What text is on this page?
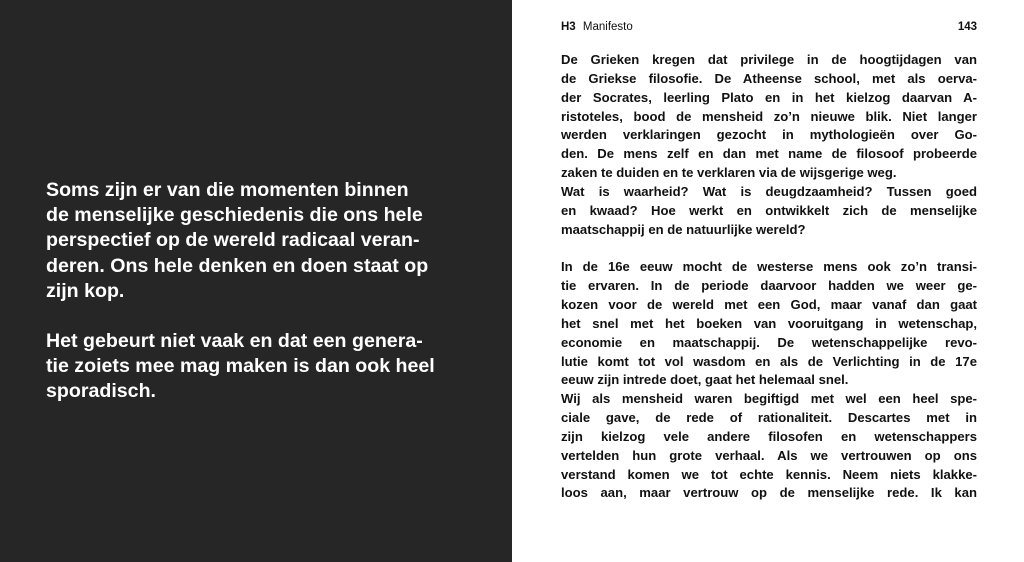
Soms zijn er van die momenten binnen
de menselijke geschiedenis die ons hele
perspectief op de wereld radicaal veran-
deren. Ons hele denken en doen staat op
zijn kop.

Het gebeurt niet vaak en dat een genera-
tie zoiets mee mag maken is dan ook heel
sporadisch.

H3 Manifesto	143
De Grieken kregen dat privilege in de hoogtijdagen van
de Griekse filosofie. De Atheense school, met als oerva-
der Socrates, leerling Plato en in het kielzog daarvan A-
ristoteles, bood de mensheid zo’n nieuwe blik. Niet langer
werden verklaringen gezocht in mythologieën over Go-
den. De mens zelf en dan met name de filosoof probeerde
zaken te duiden en te verklaren via de wijsgerige weg.
Wat is waarheid? Wat is deugdzaamheid? Tussen goed
en kwaad? Hoe werkt en ontwikkelt zich de menselijke
maatschappij en de natuurlijke wereld?
In de 16e eeuw mocht de westerse mens ook zo’n transi-
tie ervaren. In de periode daarvoor hadden we weer ge-
kozen voor de wereld met een God, maar vanaf dan gaat
het snel met het boeken van vooruitgang in wetenschap,
economie en maatschappij. De wetenschappelijke revo-
lutie komt tot vol wasdom en als de Verlichting in de 17e
eeuw zijn intrede doet, gaat het helemaal snel.
Wij als mensheid waren begiftigd met wel een heel spe-
ciale gave, de rede of rationaliteit. Descartes met in
zijn kielzog vele andere filosofen en wetenschappers
vertelden hun grote verhaal. Als we vertrouwen op ons
verstand komen we tot echte kennis. Neem niets klakke-
loos aan, maar vertrouw op de menselijke rede. Ik kan
